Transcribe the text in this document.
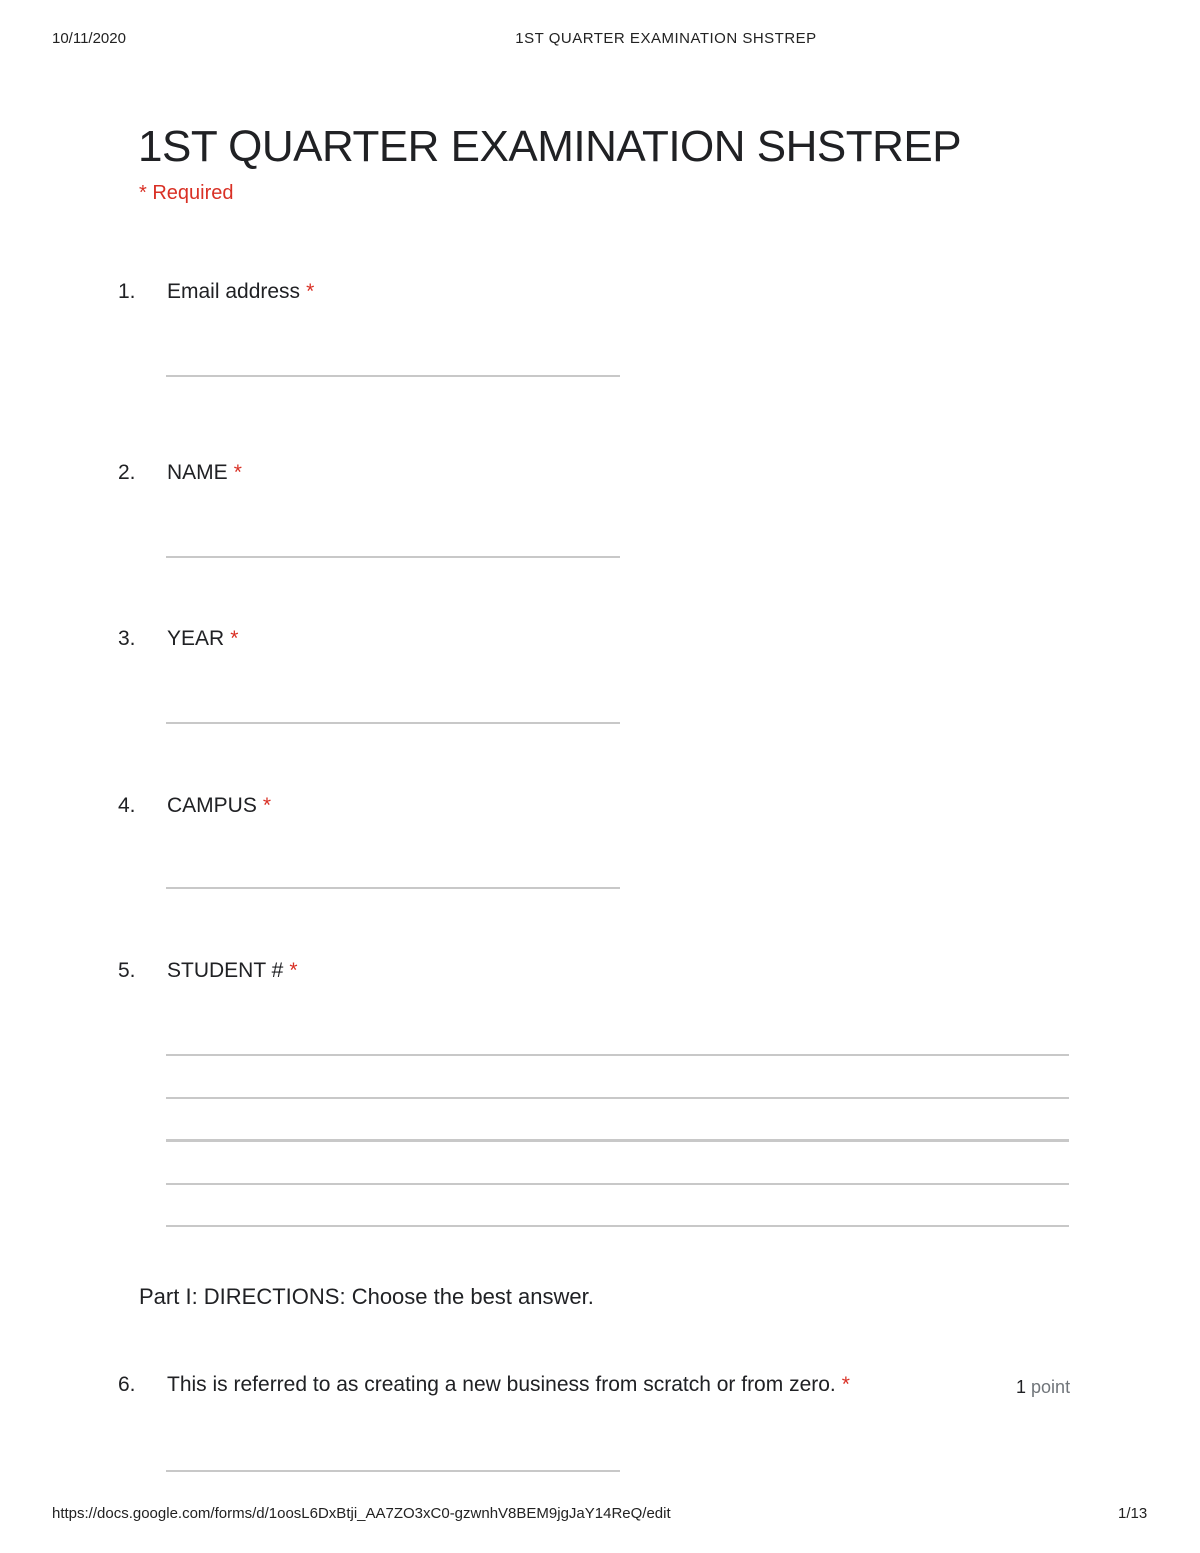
10/11/2020	1ST QUARTER EXAMINATION SHSTREP
1ST QUARTER EXAMINATION SHSTREP
* Required
1. Email address *
2. NAME *
3. YEAR *
4. CAMPUS *
5. STUDENT # *
Part I: DIRECTIONS: Choose the best answer.
6. This is referred to as creating a new business from scratch or from zero. *	1 point
https://docs.google.com/forms/d/1oosL6DxBtji_AA7ZO3xC0-gzwnhV8BEM9jgJaY14ReQ/edit	1/13
